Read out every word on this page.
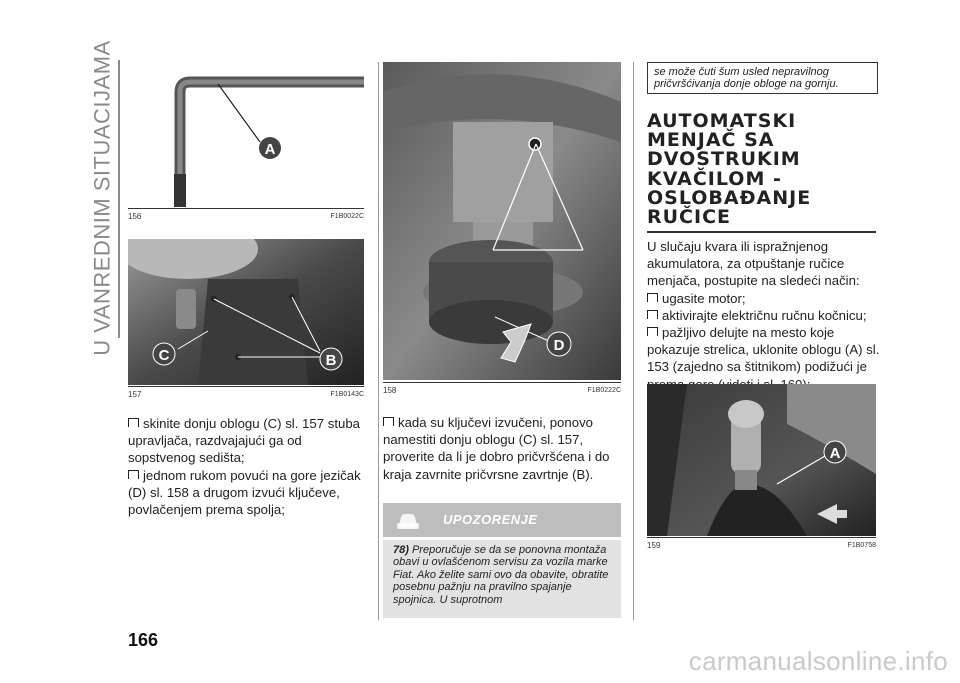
U VANREDNIM SITUACIJAMA	A
156	F1B0022C
C	B
157	F1B0143C

skinite donju oblogu (C) sl. 157 stuba upravljača, razdvajajući ga od sopstvenog sedišta;

jednom rukom povući na gore jezičak (D) sl. 158 a drugom izvući ključeve, povlačenjem prema spolja;

D
158	F1B0222C

kada su ključevi izvučeni, ponovo namestiti donju oblogu (C) sl. 157, proverite da li je dobro pričvršćena i do kraja zavrnite pričvrsne zavrtnje (B).

UPOZORENJE

78) Preporučuje se da se ponovna montaža obavi u ovlašćenom servisu za vozila marke Fiat. Ako želite sami ovo da obavite, obratite posebnu pažnju na pravilno spajanje spojnica. U suprotnom

se može čuti šum usled nepravilnog pričvršćivanja donje obloge na gornju.

AUTOMATSKI
MENJAČ SA
DVOSTRUKIM
KVAČILOM -
OSLOBAĐANJE
RUČICE

U slučaju kvara ili ispražnjenog akumulatora, za otpuštanje ručice menjača, postupite na sledeći način:

ugasite motor;

aktivirajte električnu ručnu kočnicu;

pažljivo delujte na mesto koje pokazuje strelica, uklonite oblogu (A) sl. 153 (zajedno sa štitnikom) podižući je

A
159	F1B0758
166
carmanualsonline.info
